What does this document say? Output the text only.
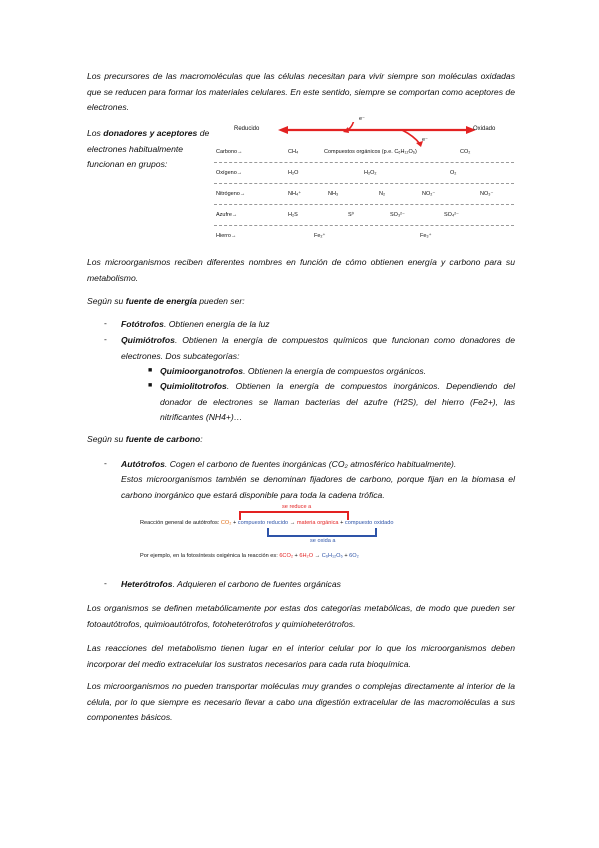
Los precursores de las macromoléculas que las células necesitan para vivir siempre son moléculas oxidadas que se reducen para formar los materiales celulares. En este sentido, siempre se comportan como aceptores de electrones.
Los donadores y aceptores de electrones habitualmente funcionan en grupos:
Reducido	Oxidado
e⁻
e⁻
Carbono→	CH₄	Compuestos orgánicos (p.e. C₆H₁₂O₆)	CO₂
Oxígeno→	H₂O	H₂O₂	O₂
Nitrógeno→	NH₄⁺	NH₃	N₂	NO₂⁻	NO₃⁻
Azufre→	H₂S	S⁰	SO₃²⁻	SO₄²⁻
Hierro→	Fe₂⁺	Fe₃⁺
Los microorganismos reciben diferentes nombres en función de cómo obtienen energía y carbono para su metabolismo.
Según su fuente de energía pueden ser:
- Fotótrofos. Obtienen energía de la luz
- Quimiótrofos. Obtienen la energía de compuestos químicos que funcionan como donadores de electrones. Dos subcategorías:
■ Quimioorganotrofos. Obtienen la energía de compuestos orgánicos.
■ Quimiolitotrofos. Obtienen la energía de compuestos inorgánicos. Dependiendo del donador de electrones se llaman bacterias del azufre (H2S), del hierro (Fe2+), las nitrificantes (NH4+)…
Según su fuente de carbono:
- Autótrofos. Cogen el carbono de fuentes inorgánicas (CO₂ atmosférico habitualmente).
Estos microorganismos también se denominan fijadores de carbono, porque fijan en la biomasa el carbono inorgánico que estará disponible para toda la cadena trófica.
se reduce a
se oxida a
Reacción general de autótrofos: CO₂ + compuesto reducido → materia orgánica + compuesto oxidado
Por ejemplo, en la fotosíntesis oxigénica la reacción es: 6CO₂ + 6H₂O → C₆H₁₂O₆ + 6O₂
- Heterótrofos. Adquieren el carbono de fuentes orgánicas
Los organismos se definen metabólicamente por estas dos categorías metabólicas, de modo que pueden ser fotoautótrofos, quimioautótrofos, fotoheterótrofos y quimioheterótrofos.
Las reacciones del metabolismo tienen lugar en el interior celular por lo que los microorganismos deben incorporar del medio extracelular los sustratos necesarios para cada ruta bioquímica.
Los microorganismos no pueden transportar moléculas muy grandes o complejas directamente al interior de la célula, por lo que siempre es necesario llevar a cabo una digestión extracelular de las macromoléculas a sus componentes básicos.
